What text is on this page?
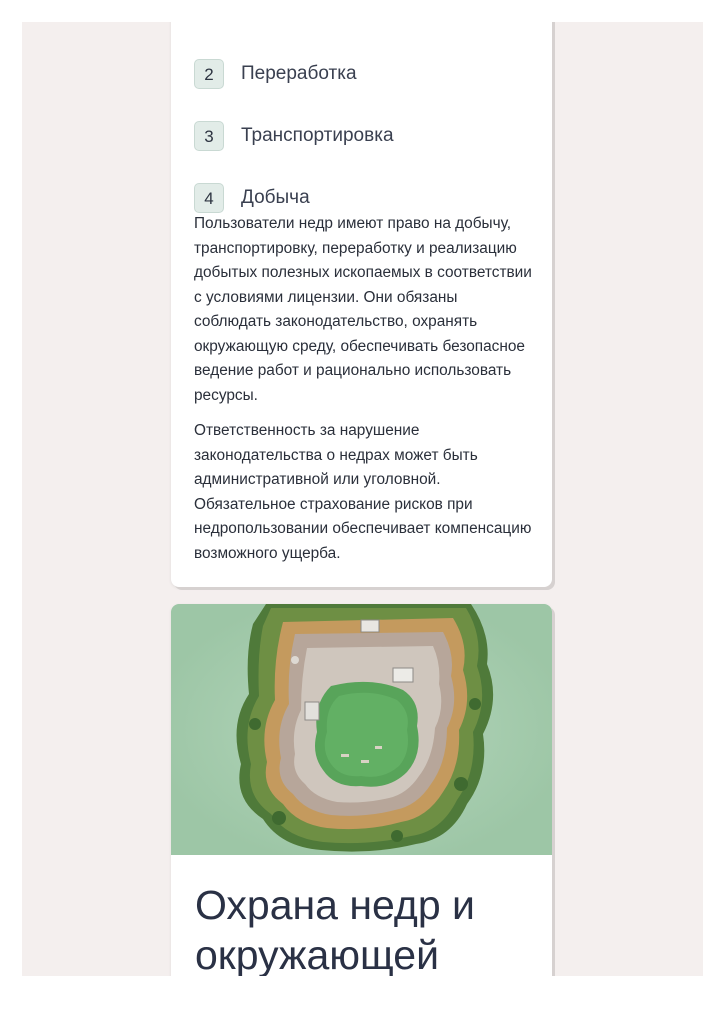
2	Переработка
3	Транспортировка
4	Добыча

Пользователи недр имеют право на добычу, транспортировку, переработку и реализацию добытых полезных ископаемых в соответствии с условиями лицензии. Они обязаны соблюдать законодательство, охранять окружающую среду, обеспечивать безопасное ведение работ и рационально использовать ресурсы.

Ответственность за нарушение законодательства о недрах может быть административной или уголовной. Обязательное страхование рисков при недропользовании обеспечивает компенсацию возможного ущерба.

Охрана недр и окружающей
